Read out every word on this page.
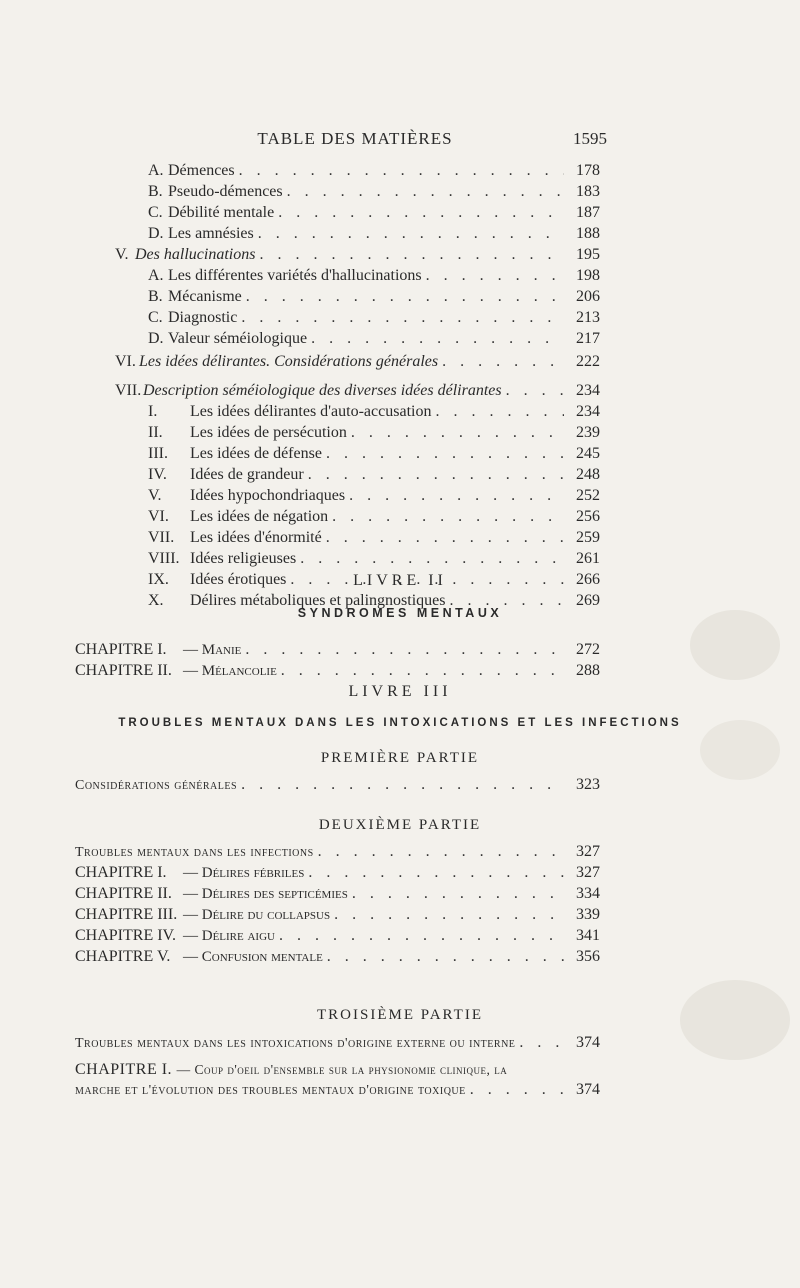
TABLE DES MATIÈRES	1595
A. Démences . . .	178
B. Pseudo-démences . . .	183
C. Débilité mentale . . .	187
D. Les amnésies . . .	188
V. Des hallucinations . . .	195
A. Les différentes variétés d'hallucinations . . .	198
B. Mécanisme . . .	206
C. Diagnostic . . .	213
D. Valeur séméiologique . . .	217
VI. Les idées délirantes. Considérations générales . . .	222
VII. Description séméiologique des diverses idées délirantes . . .	234
I.	Les idées délirantes d'auto-accusation . . .	234
II.	Les idées de persécution . . .	239
III.	Les idées de défense . . .	245
IV.	Idées de grandeur . . .	248
V.	Idées hypochondriaques . . .	252
VI.	Les idées de négation . . .	256
VII. Les idées d'énormité . . .	259
VIII. Idées religieuses . . .	261
IX.	Idées érotiques . . .	266
X.	Délires métaboliques et palingnostiques . . .	269
CHAPITRE I.	— Manie . . .	272
CHAPITRE II. — Mélancolie . . .	288
Considérations générales . . .	323
Troubles mentaux dans les infections . . .	327
CHAPITRE I.	— Délires fébriles . . .	327
CHAPITRE II. — Délires des septicémies . . .	334
CHAPITRE III. — Délire du collapsus . . .	339
CHAPITRE IV. — Délire aigu . . .	341
CHAPITRE V. — Confusion mentale . . .	356
Troubles mentaux dans les intoxications d'origine externe ou interne . . .	374
CHAPITRE I. — Coup d'oeil d'ensemble sur la physionomie clinique, la
marche et l'évolution des troubles mentaux d'origine toxique . . .	374
LIVRE II
SYNDROMES MENTAUX
LIVRE III
TROUBLES MENTAUX DANS LES INTOXICATIONS ET LES INFECTIONS
PREMIÈRE PARTIE
DEUXIÈME PARTIE
TROISIÈME PARTIE
